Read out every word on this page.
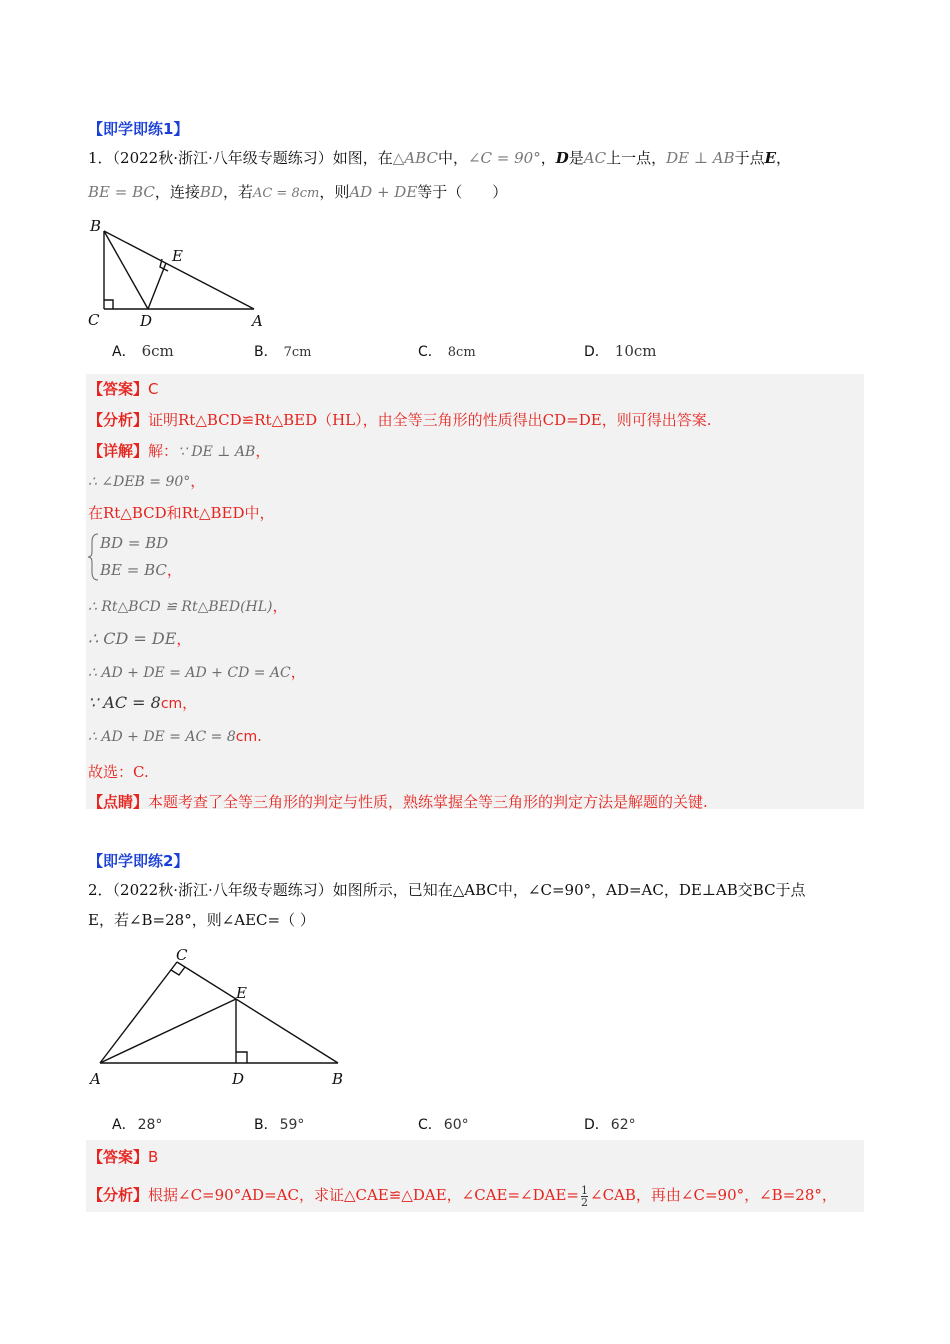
【即学即练1】
1．（2022秋·浙江·八年级专题练习）如图，在△ABC中，∠C = 90°，D是AC上一点，DE ⊥ AB于点E，
BE = BC，连接BD，若AC = 8cm，则AD + DE等于（　　）
B
E
C	D	A
A． 6cm	B． 7cm	C． 8cm	D． 10cm
【答案】C
【分析】证明Rt△BCD≌Rt△BED（HL），由全等三角形的性质得出CD=DE，则可得出答案.
【详解】解：∵ DE ⊥ AB，
∴ ∠DEB = 90°，
在Rt△BCD和Rt△BED中，
BD = BD
BE = BC，
∴ Rt△BCD ≌ Rt△BED(HL)，
∴ CD = DE，
∴ AD + DE = AD + CD = AC，
∵ AC = 8cm，
∴ AD + DE = AC = 8cm.
故选：C.
【点睛】本题考查了全等三角形的判定与性质，熟练掌握全等三角形的判定方法是解题的关键.
【即学即练2】
2．（2022秋·浙江·八年级专题练习）如图所示，已知在△ABC中，∠C=90°，AD=AC，DE⊥AB交BC于点
E，若∠B=28°，则∠AEC=（ ）
C
E
A	D	B
A． 28°	B． 59°	C． 60°	D． 62°
【答案】B
【分析】根据∠C=90°AD=AC，求证△CAE≌△DAE，∠CAE=∠DAE= $\frac{1}{2}$ ∠CAB，再由∠C=90°，∠B=28°，
